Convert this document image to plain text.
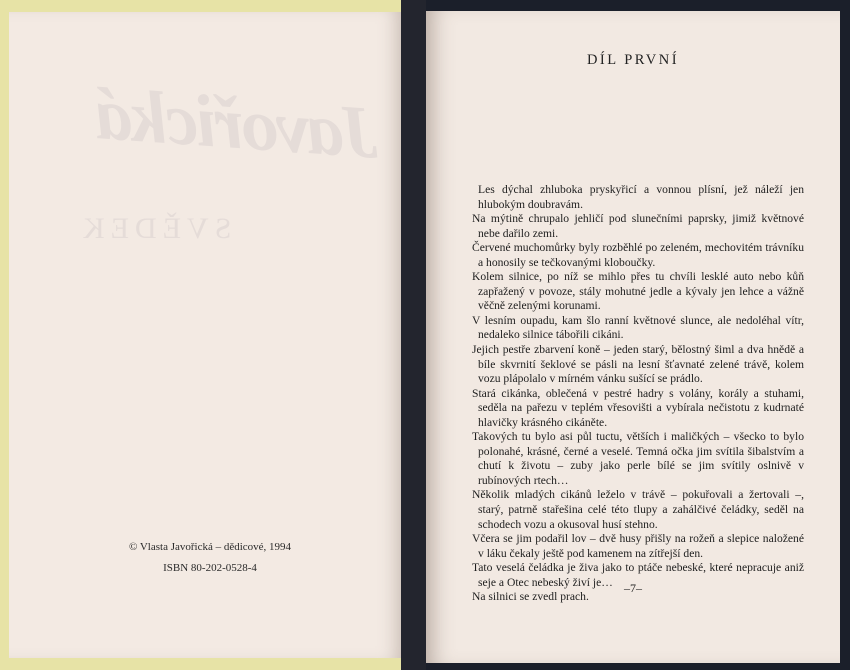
Javořická
SVĚDEK
© Vlasta Javořická – dědicové, 1994
ISBN 80-202-0528-4
DÍL PRVNÍ

Les dýchal zhluboka pryskyřicí a vonnou plísní, jež náleží jen hlubokým doubravám.

Na mýtině chrupalo jehličí pod slunečními paprsky, jimiž květnové nebe dařilo zemi.

Červené muchomůrky byly rozběhlé po zeleném, mechovitém trávníku a honosily se tečkovanými kloboučky.

Kolem silnice, po níž se mihlo přes tu chvíli lesklé auto nebo kůň zapřažený v povoze, stály mohutné jedle a kývaly jen lehce a vážně věčně zelenými korunami.

V lesním oupadu, kam šlo ranní květnové slunce, ale nedoléhal vítr, nedaleko silnice tábořili cikáni.

Jejich pestře zbarvení koně – jeden starý, bělostný šiml a dva hnědě a bíle skvrnití šeklové se pásli na lesní šťavnaté zelené trávě, kolem vozu plápolalo v mírném vánku sušící se prádlo.

Stará cikánka, oblečená v pestré hadry s volány, korály a stuhami, seděla na pařezu v teplém vřesovišti a vybírala nečistotu z kudrnaté hlavičky krásného cikáněte.

Takových tu bylo asi půl tuctu, větších i maličkých – všecko to bylo polonahé, krásné, černé a veselé. Temná očka jim svítila šibalstvím a chutí k životu – zuby jako perle bílé se jim svítily oslnivě v rubínových rtech…

Několik mladých cikánů leželo v trávě – pokuřovali a žertovali –, starý, patrně stařešina celé této tlupy a zahálčivé čeládky, seděl na schodech vozu a okusoval husí stehno.

Včera se jim podařil lov – dvě husy přišly na rožeň a slepice naložené v láku čekaly ještě pod kamenem na zítřejší den.

Tato veselá čeládka je živa jako to ptáče nebeské, které nepracuje aniž seje a Otec nebeský živí je…

Na silnici se zvedl prach.

–7–
